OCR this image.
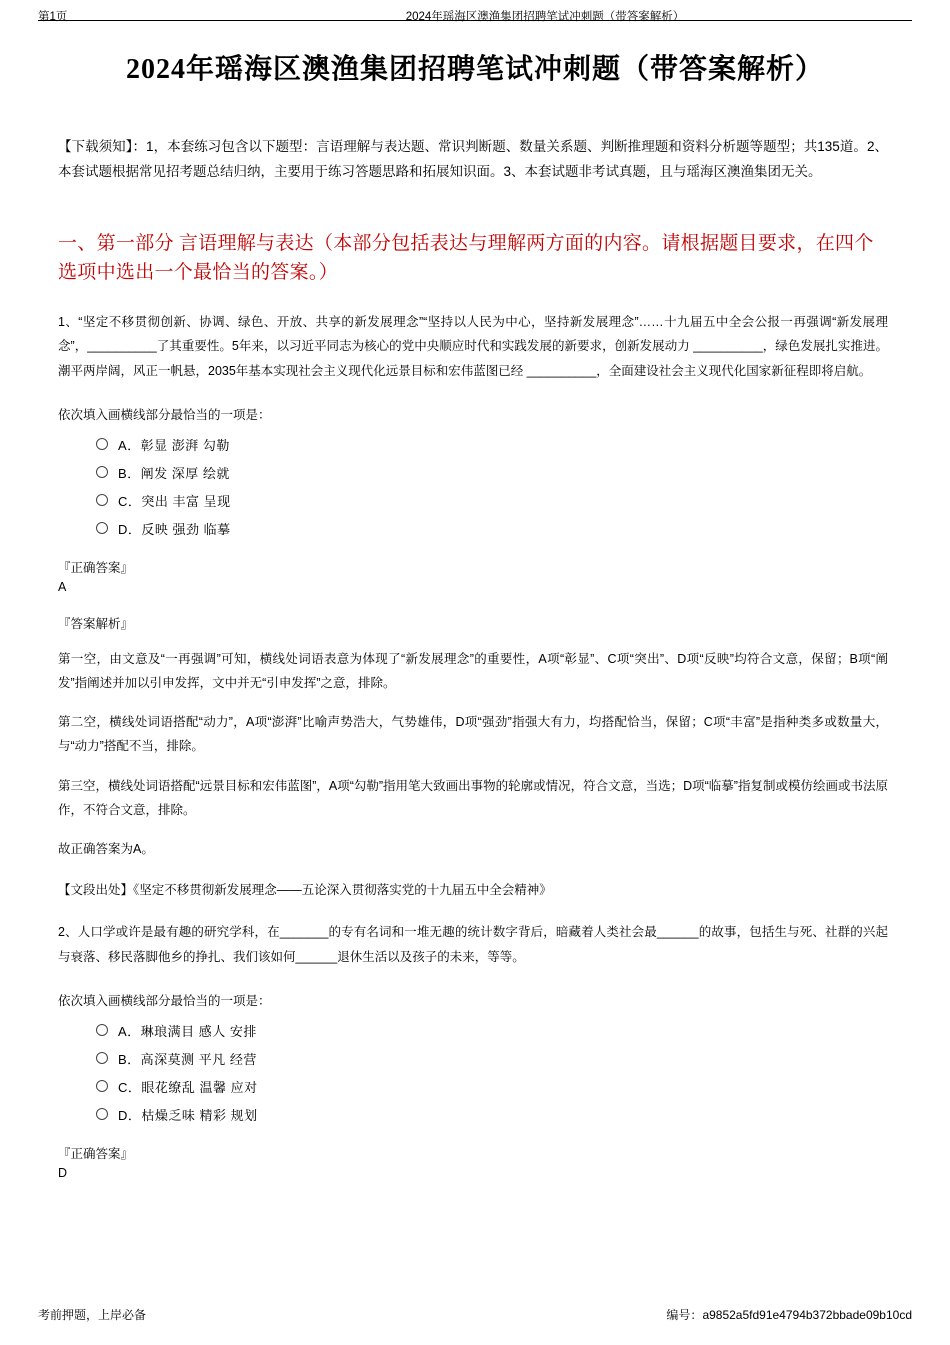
第1页	2024年瑶海区澳渔集团招聘笔试冲刺题（带答案解析）
2024年瑶海区澳渔集团招聘笔试冲刺题（带答案解析）
【下载须知】：1，本套练习包含以下题型：言语理解与表达题、常识判断题、数量关系题、判断推理题和资料分析题等题型；共135道。2、本套试题根据常见招考题总结归纳，主要用于练习答题思路和拓展知识面。3、本套试题非考试真题，且与瑶海区澳渔集团无关。
一、第一部分 言语理解与表达（本部分包括表达与理解两方面的内容。请根据题目要求，在四个选项中选出一个最恰当的答案。）
1、“坚定不移贯彻创新、协调、绿色、开放、共享的新发展理念”“坚持以人民为中心，坚持新发展理念”……十九届五中全会公报一再强调“新发展理念”，__________了其重要性。5年来，以习近平同志为核心的党中央顺应时代和实践发展的新要求，创新发展动力 __________，绿色发展扎实推进。潮平两岸阔，风正一帆悬，2035年基本实现社会主义现代化远景目标和宏伟蓝图已经 __________，全面建设社会主义现代化国家新征程即将启航。
依次填入画横线部分最恰当的一项是：
A． 彰显 澎湃 勾勒
B． 阐发 深厚 绘就
C． 突出 丰富 呈现
D． 反映 强劲 临摹
『正确答案』
A
『答案解析』
第一空，由文意及“一再强调”可知，横线处词语表意为体现了“新发展理念”的重要性，A项“彰显”、C项“突出”、D项“反映”均符合文意，保留；B项“阐发”指阐述并加以引申发挥，文中并无“引申发挥”之意，排除。
第二空，横线处词语搭配“动力”，A项“澎湃”比喻声势浩大，气势雄伟，D项“强劲”指强大有力，均搭配恰当，保留；C项“丰富”是指种类多或数量大，与“动力”搭配不当，排除。
第三空，横线处词语搭配“远景目标和宏伟蓝图”，A项“勾勒”指用笔大致画出事物的轮廓或情况，符合文意，当选；D项“临摹”指复制或模仿绘画或书法原作，不符合文意，排除。
故正确答案为A。
【文段出处】《坚定不移贯彻新发展理念——五论深入贯彻落实党的十九届五中全会精神》
2、人口学或许是最有趣的研究学科，在_______的专有名词和一堆无趣的统计数字背后，暗藏着人类社会最______的故事，包括生与死、社群的兴起与衰落、移民落脚他乡的挣扎、我们该如何______退休生活以及孩子的未来，等等。
依次填入画横线部分最恰当的一项是：
A． 琳琅满目 感人 安排
B． 高深莫测 平凡 经营
C． 眼花缭乱 温馨 应对
D． 枯燥乏味 精彩 规划
『正确答案』
D
考前押题，上岸必备	编号：a9852a5fd91e4794b372bbade09b10cd
